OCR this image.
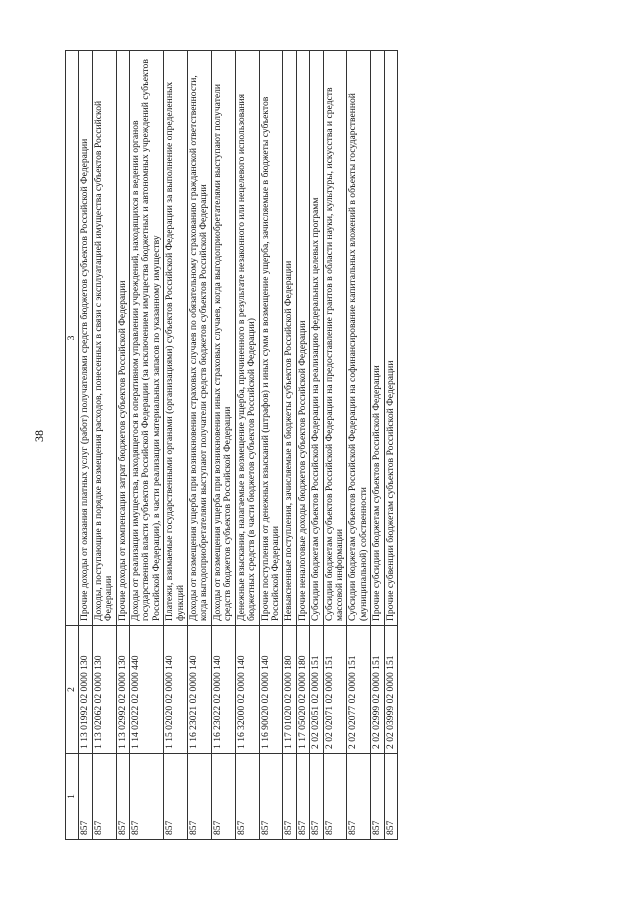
38
1	2	3
857	1 13 01992 02 0000 130	Прочие доходы от оказания платных услуг (работ) получателями средств бюджетов субъектов Российской Федерации
857	1 13 02062 02 0000 130	Доходы, поступающие в порядке возмещения расходов, понесенных в связи с эксплуатацией имущества субъектов Российской Федерации
857	1 13 02992 02 0000 130	Прочие доходы от компенсации затрат бюджетов субъектов Российской Федерации
857	1 14 02022 02 0000 440	Доходы от реализации имущества, находящегося в оперативном управлении учреждений, находящихся в ведении органов государственной власти субъектов Российской Федерации (за исключением имущества бюджетных и автономных учреждений субъектов Российской Федерации), в части реализации материальных запасов по указанному имуществу
857	1 15 02020 02 0000 140	Платежи, взимаемые государственными органами (организациями) субъектов Российской Федерации за выполнение определенных функций
857	1 16 23021 02 0000 140	Доходы от возмещения ущерба при возникновении страховых случаев по обязательному страхованию гражданской ответственности, когда выгодоприобретателями выступают получатели средств бюджетов субъектов Российской Федерации
857	1 16 23022 02 0000 140	Доходы от возмещения ущерба при возникновении иных страховых случаев, когда выгодоприобретателями выступают получатели средств бюджетов субъектов Российской Федерации
857	1 16 32000 02 0000 140	Денежные взыскания, налагаемые в возмещение ущерба, причиненного в результате незаконного или нецелевого использования бюджетных средств (в части бюджетов субъектов Российской Федерации)
857	1 16 90020 02 0000 140	Прочие поступления от денежных взысканий (штрафов) и иных сумм в возмещение ущерба, зачисляемые в бюджеты субъектов Российской Федерации
857	1 17 01020 02 0000 180	Невыясненные поступления, зачисляемые в бюджеты субъектов Российской Федерации
857	1 17 05020 02 0000 180	Прочие неналоговые доходы бюджетов субъектов Российской Федерации
857	2 02 02051 02 0000 151	Субсидии бюджетам субъектов Российской Федерации на реализацию федеральных целевых программ
857	2 02 02071 02 0000 151	Субсидии бюджетам субъектов Российской Федерации на предоставление грантов в области науки, культуры, искусства и средств массовой информации
857	2 02 02077 02 0000 151	Субсидии бюджетам субъектов Российской Федерации на софинансирование капитальных вложений в объекты государственной (муниципальной) собственности
857	2 02 02999 02 0000 151	Прочие субсидии бюджетам субъектов Российской Федерации
857	2 02 03999 02 0000 151	Прочие субвенции бюджетам субъектов Российской Федерации
